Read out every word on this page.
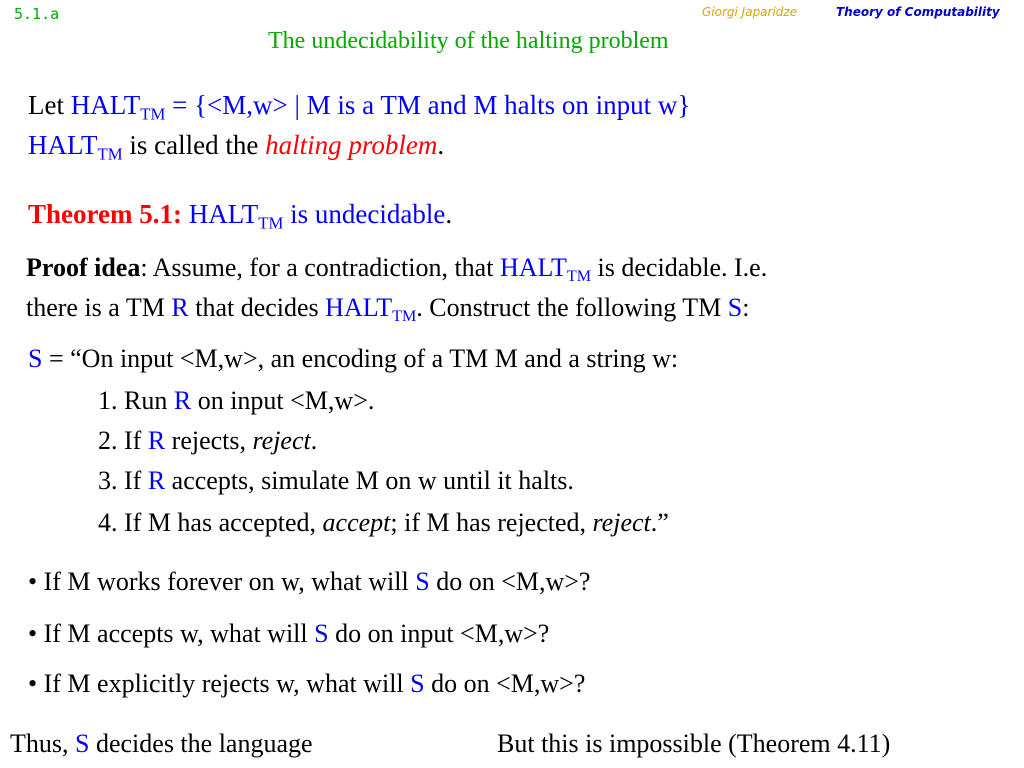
5.1.a	Giorgi Japaridze	Theory of Computability
The undecidability of the halting problem
Let $HALT_{TM} = \{<M,w>$ | M is a TM and M halts on input w}
$HALT_{TM}$ is called the halting problem.
Theorem 5.1: $HALT_{TM}$ is undecidable.
Proof idea: Assume, for a contradiction, that $HALT_{TM}$ is decidable. I.e.
there is a TM R that decides $HALT_{TM}$. Construct the following TM S:
S = “On input <M,w>, an encoding of a TM M and a string w:
1. Run R on input <M,w>.
2. If R rejects, reject.
3. If R accepts, simulate M on w until it halts.
4. If M has accepted, accept; if M has rejected, reject.”
• If M works forever on w, what will S do on <M,w>?
• If M accepts w, what will S do on input <M,w>?
• If M explicitly rejects w, what will S do on <M,w>?
Thus, S decides the language	But this is impossible (Theorem 4.11)
